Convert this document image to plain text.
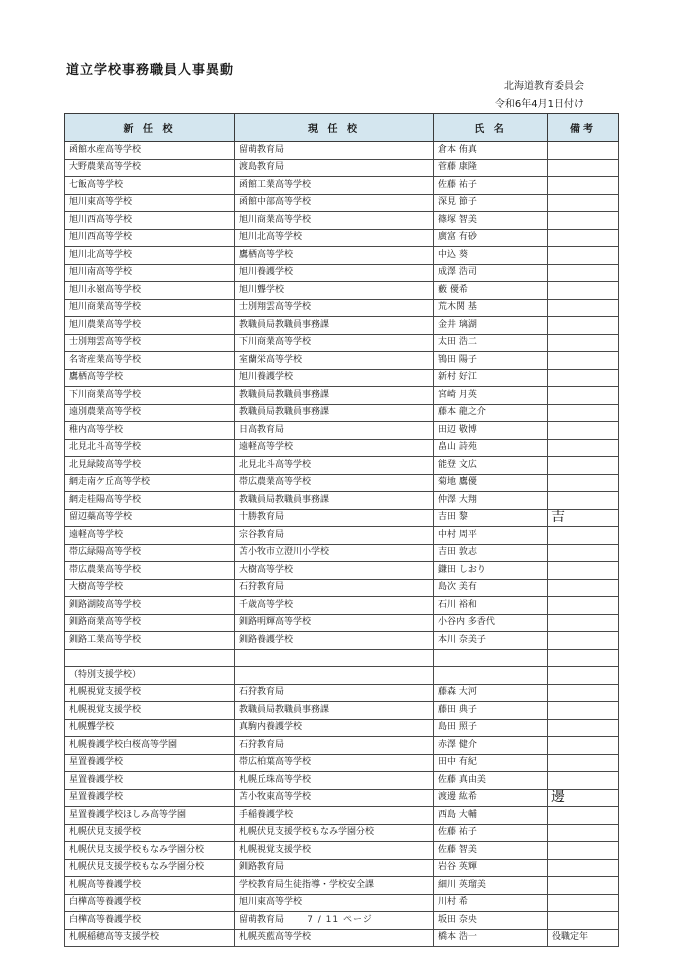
道立学校事務職員人事異動
北海道教育委員会
令和6年4月1日付け
新 任 校	現 任 校	氏 名	備考
函館水産高等学校	留萌教育局	倉本 侑真	
大野農業高等学校	渡島教育局	菅藤 康隆	
七飯高等学校	函館工業高等学校	佐藤 祐子	
旭川東高等学校	函館中部高等学校	深見 節子	
旭川西高等学校	旭川商業高等学校	篠塚 智美	
旭川西高等学校	旭川北高等学校	廣富 有砂	
旭川北高等学校	鷹栖高等学校	中込 葵	
旭川南高等学校	旭川養護学校	成澤 浩司	
旭川永嶺高等学校	旭川聾学校	藪 優希	
旭川商業高等学校	士別翔雲高等学校	荒木関 基	
旭川農業高等学校	教職員局教職員事務課	金井 璃湖	
士別翔雲高等学校	下川商業高等学校	太田 浩二	
名寄産業高等学校	室蘭栄高等学校	鴇田 陽子	
鷹栖高等学校	旭川養護学校	新村 好江	
下川商業高等学校	教職員局教職員事務課	宮崎 月英	
遠別農業高等学校	教職員局教職員事務課	藤本 龍之介	
稚内高等学校	日高教育局	田辺 敬博	
北見北斗高等学校	遠軽高等学校	畠山 詩苑	
北見緑陵高等学校	北見北斗高等学校	能登 文広	
網走南ケ丘高等学校	帯広農業高等学校	菊地 鷹優	
網走桂陽高等学校	教職員局教職員事務課	仲澤 大翔	
留辺蘂高等学校	十勝教育局	吉田 黎	吉
遠軽高等学校	宗谷教育局	中村 周平	
帯広緑陽高等学校	苫小牧市立澄川小学校	吉田 敦志	
帯広農業高等学校	大樹高等学校	鎌田 しおり	
大樹高等学校	石狩教育局	島次 美有	
釧路湖陵高等学校	千歳高等学校	石川 裕和	
釧路商業高等学校	釧路明輝高等学校	小谷内 多香代	
釧路工業高等学校	釧路養護学校	本川 奈美子	

（特別支援学校）			
札幌視覚支援学校	石狩教育局	藤森 大河	
札幌視覚支援学校	教職員局教職員事務課	藤田 典子	
札幌聾学校	真駒内養護学校	島田 照子	
札幌養護学校白桜高等学園	石狩教育局	赤澤 健介	
星置養護学校	帯広柏葉高等学校	田中 有紀	
星置養護学校	札幌丘珠高等学校	佐藤 真由美	
星置養護学校	苫小牧東高等学校	渡邊 紘希	邊
星置養護学校ほしみ高等学園	手稲養護学校	西島 大輔	
札幌伏見支援学校	札幌伏見支援学校もなみ学園分校	佐藤 祐子	
札幌伏見支援学校もなみ学園分校	札幌視覚支援学校	佐藤 智美	
札幌伏見支援学校もなみ学園分校	釧路教育局	岩谷 英輝	
札幌高等養護学校	学校教育局生徒指導・学校安全課	細川 英瑠美	
白樺高等養護学校	旭川東高等学校	川村 希	
白樺高等養護学校	留萌教育局	坂田 奈央	
札幌稲穂高等支援学校	札幌英藍高等学校	橋本 浩一	役職定年
7 / 11 ページ
